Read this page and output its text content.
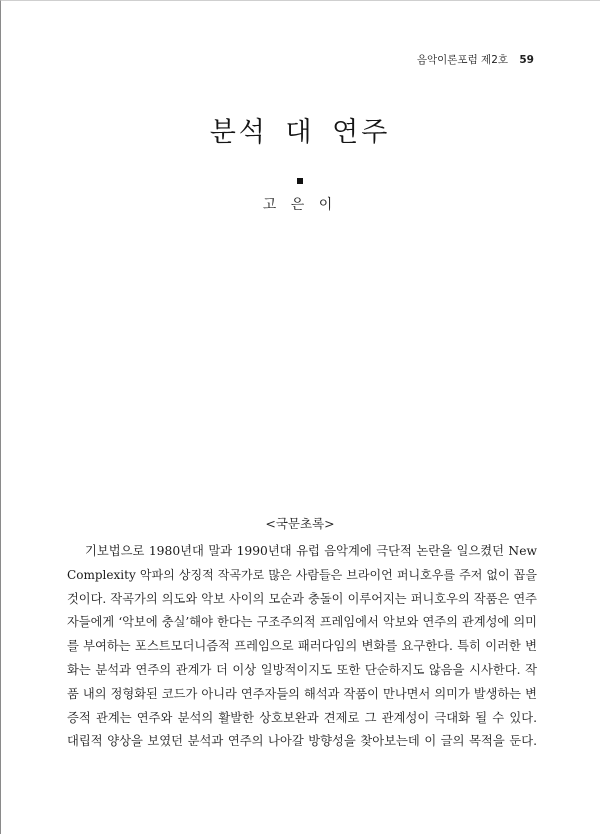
음악이론포럼 제2호 59
분석 대 연주
고 은 이
<국문초록>
기보법으로 1980년대 말과 1990년대 유럽 음악계에 극단적 논란을 일으켰던 New
Complexity 악파의 상징적 작곡가로 많은 사람들은 브라이언 퍼니호우를 주저 없이 꼽을
것이다. 작곡가의 의도와 악보 사이의 모순과 충돌이 이루어지는 퍼니호우의 작품은 연주
자들에게 ‘악보에 충실’해야 한다는 구조주의적 프레임에서 악보와 연주의 관계성에 의미
를 부여하는 포스트모더니즘적 프레임으로 패러다임의 변화를 요구한다. 특히 이러한 변
화는 분석과 연주의 관계가 더 이상 일방적이지도 또한 단순하지도 않음을 시사한다. 작
품 내의 정형화된 코드가 아니라 연주자들의 해석과 작품이 만나면서 의미가 발생하는 변
증적 관계는 연주와 분석의 활발한 상호보완과 견제로 그 관계성이 극대화 될 수 있다.
대립적 양상을 보였던 분석과 연주의 나아갈 방향성을 찾아보는데 이 글의 목적을 둔다.
